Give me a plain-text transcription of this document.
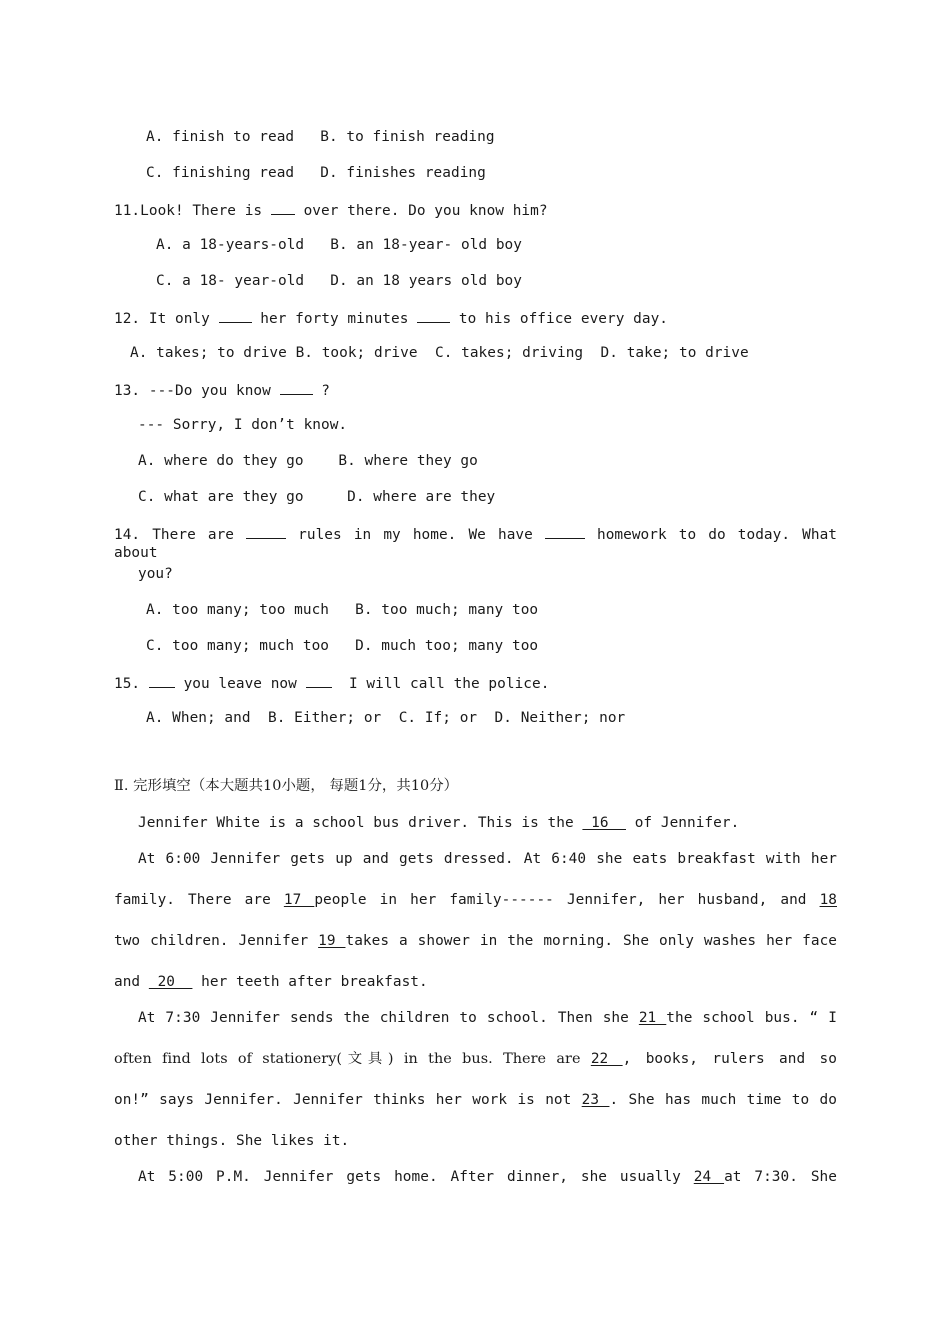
A. finish to read   B. to finish reading
C. finishing read   D. finishes reading
11.Look! There is  over there. Do you know him?
A. a 18-years-old   B. an 18-year- old boy
C. a 18- year-old   D. an 18 years old boy
12. It only  her forty minutes  to his office every day.
A. takes; to drive B. took; drive  C. takes; driving  D. take; to drive
13. ---Do you know  ?
--- Sorry, I don’t know.
A. where do they go    B. where they go
C. what are they go     D. where are they
14. There are	rules in my home. We have	homework to do today. What about
you?
A. too many; too much   B. too much; many too
C. too many; much too   D. much too; many too
15.  you leave now   I will call the police.
A. When; and  B. Either; or  C. If; or  D. Neither; nor
Ⅱ. 完形填空（本大题共10小题， 每题1分，共10分）
Jennifer White is a school bus driver. This is the  16   of Jennifer.
At 6:00 Jennifer gets up and gets dressed. At 6:40 she eats breakfast with her
family. There are 17 people in her family------ Jennifer, her husband, and 18
two children. Jennifer 19 takes a shower in the morning. She only washes her face
and  20   her teeth after breakfast.
At 7:30 Jennifer sends the children to school. Then she 21 the school bus. “ I
often find lots of stationery(文具) in the bus. There are 22 , books, rulers and so
on!” says Jennifer. Jennifer thinks her work is not 23 . She has much time to do
other things. She likes it.
At 5:00 P.M. Jennifer gets home. After dinner, she usually 24 at 7:30. She
